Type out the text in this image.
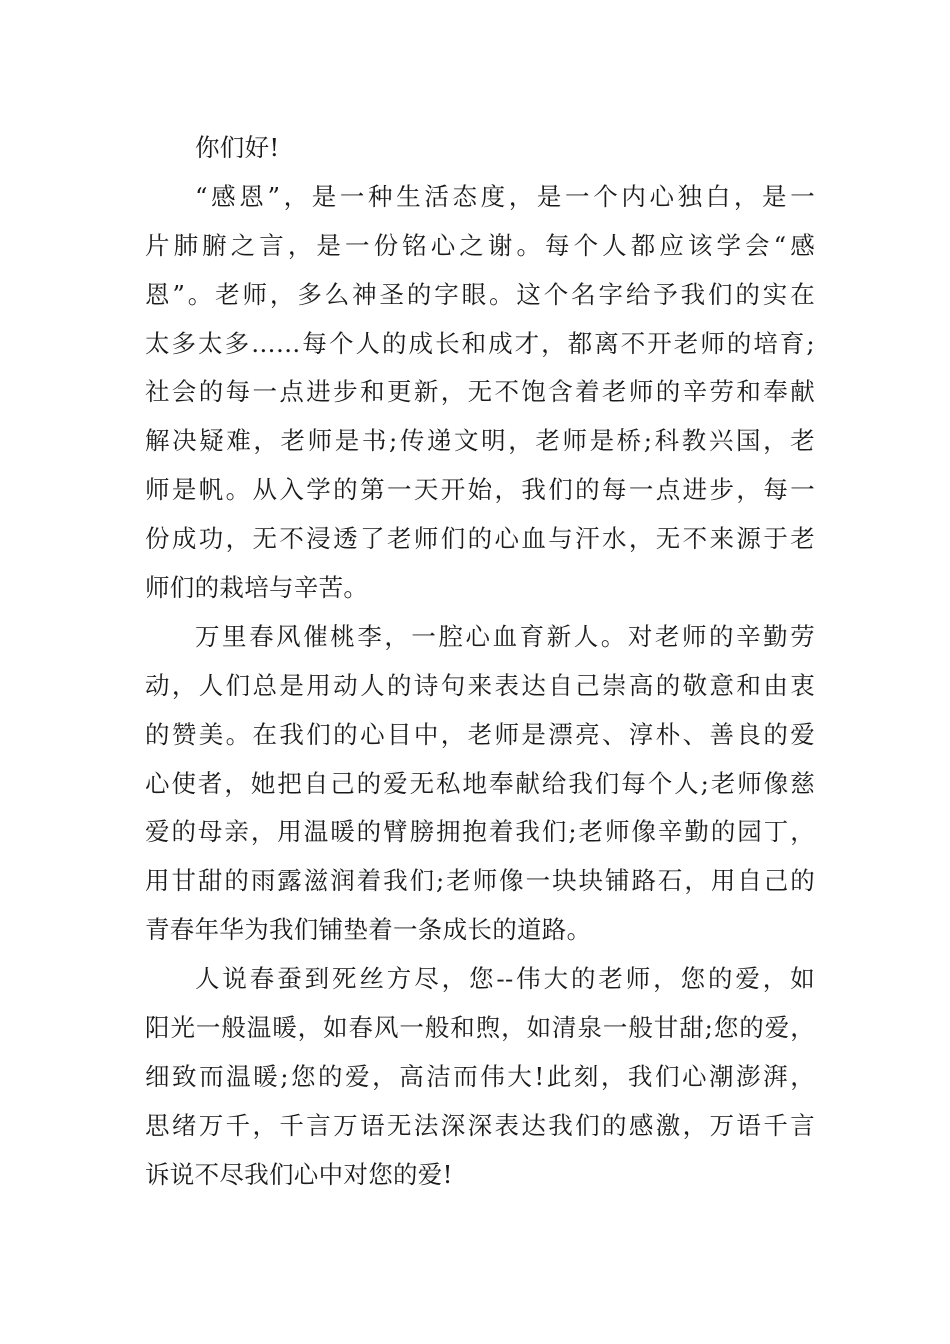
你们好!
“感恩”，是一种生活态度，是一个内心独白，是一
片肺腑之言，是一份铭心之谢。每个人都应该学会“感
恩”。老师，多么神圣的字眼。这个名字给予我们的实在
太多太多……每个人的成长和成才，都离不开老师的培育;
社会的每一点进步和更新，无不饱含着老师的辛劳和奉献
解决疑难，老师是书;传递文明，老师是桥;科教兴国，老
师是帆。从入学的第一天开始，我们的每一点进步，每一
份成功，无不浸透了老师们的心血与汗水，无不来源于老
师们的栽培与辛苦。
万里春风催桃李，一腔心血育新人。对老师的辛勤劳
动，人们总是用动人的诗句来表达自己崇高的敬意和由衷
的赞美。在我们的心目中，老师是漂亮、淳朴、善良的爱
心使者，她把自己的爱无私地奉献给我们每个人;老师像慈
爱的母亲，用温暖的臂膀拥抱着我们;老师像辛勤的园丁，
用甘甜的雨露滋润着我们;老师像一块块铺路石，用自己的
青春年华为我们铺垫着一条成长的道路。
人说春蚕到死丝方尽，您--伟大的老师，您的爱，如
阳光一般温暖，如春风一般和煦，如清泉一般甘甜;您的爱，
细致而温暖;您的爱，高洁而伟大!此刻，我们心潮澎湃，
思绪万千，千言万语无法深深表达我们的感激，万语千言
诉说不尽我们心中对您的爱!
